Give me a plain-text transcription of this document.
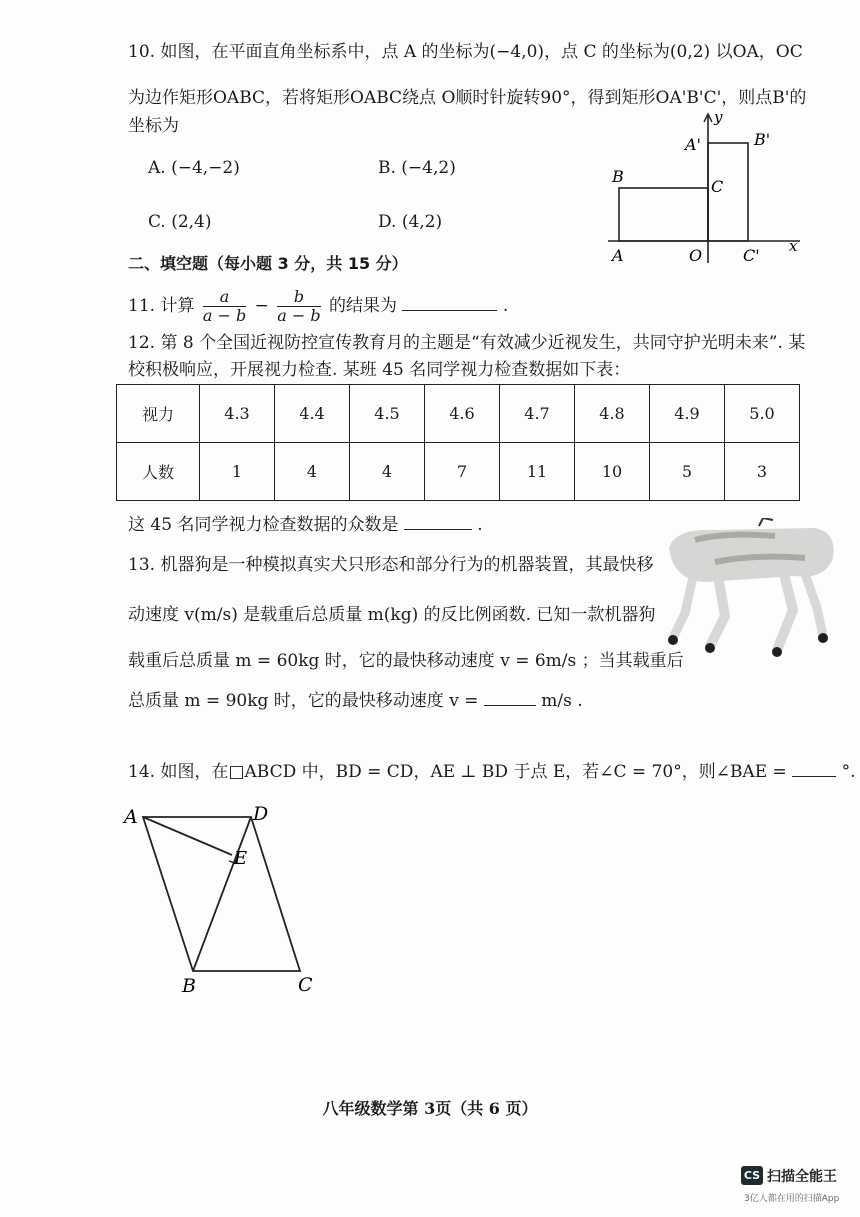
10. 如图，在平面直角坐标系中，点 A 的坐标为(−4,0)，点 C 的坐标为(0,2) 以OA，OC
为边作矩形OABC，若将矩形OABC绕点 O顺时针旋转90°，得到矩形OA'B'C'，则点B'的
坐标为
A. (−4,−2)	B. (−4,2)
C. (2,4)	D. (4,2)
y
A'	B'
B
C
A	O	C' x
二、填空题（每小题 3 分，共 15 分）
11. 计算 $\frac{a}{a - b} - \frac{b}{a - b}$ 的结果为	.
12. 第 8 个全国近视防控宣传教育月的主题是“有效减少近视发生，共同守护光明未来”. 某
校积极响应，开展视力检查. 某班 45 名同学视力检查数据如下表：
视力	4.3	4.4	4.5	4.6	4.7	4.8	4.9	5.0
人数	1	4	4	7	11	10	5	3
这 45 名同学视力检查数据的众数是	.
13. 机器狗是一种模拟真实犬只形态和部分行为的机器装置，其最快移
动速度 v(m/s) 是载重后总质量 m(kg) 的反比例函数. 已知一款机器狗
载重后总质量 m = 60kg 时，它的最快移动速度 v = 6m/s ；当其载重后
总质量 m = 90kg 时，它的最快移动速度 v =	m/s .
14. 如图，在□ABCD 中，BD = CD，AE ⊥ BD 于点 E，若∠C = 70°，则∠BAE =	°.
A	D
E
B	C
八年级数学第 3页（共 6 页）
CS 扫描全能王
3亿人都在用的扫描App
